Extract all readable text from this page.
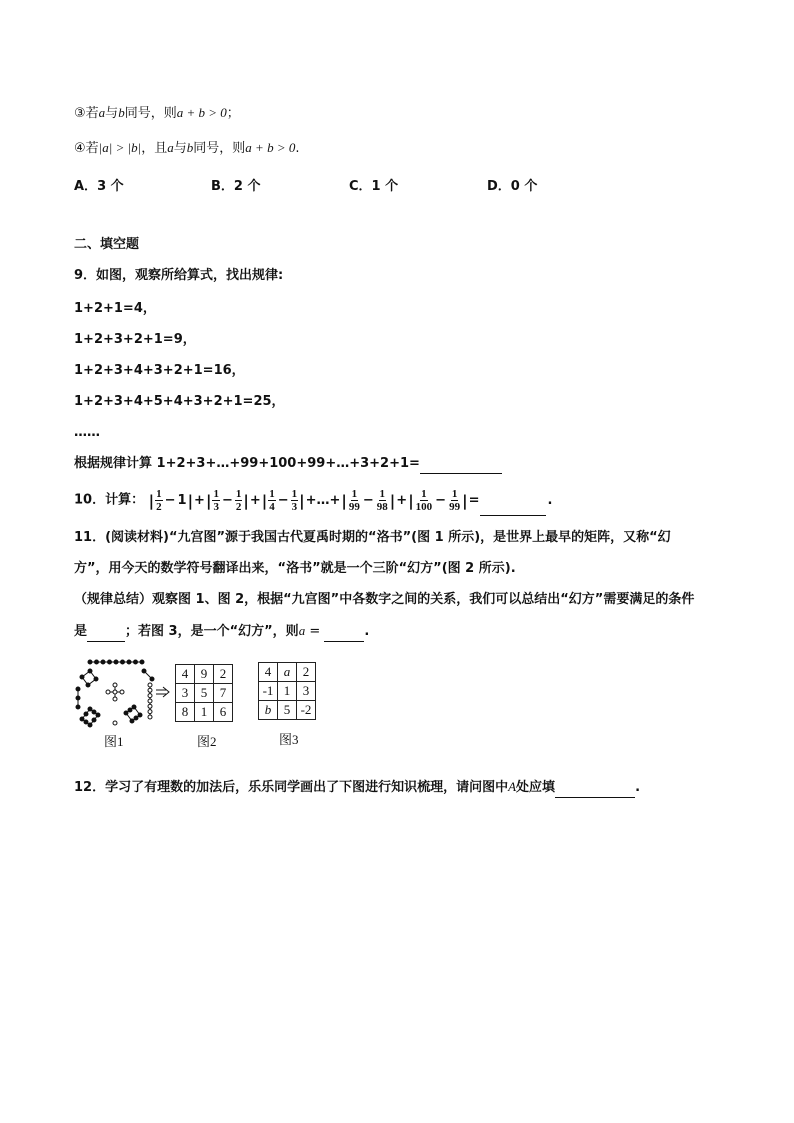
③若a与b同号，则a + b > 0；
④若|a| > |b|，且a与b同号，则a + b > 0.
A．3 个	B．2 个	C．1 个	D．0 个
二、填空题
9．如图，观察所给算式，找出规律:
1+2+1=4，
1+2+3+2+1=9，
1+2+3+4+3+2+1=16，
1+2+3+4+5+4+3+2+1=25，
……
根据规律计算 1+2+3+…+99+100+99+…+3+2+1=
10．计算： | $\frac{1}{2} - 1|+| \frac{1}{3} - \frac{1}{2}$ |+| $\frac{1}{4} - \frac{1}{3}$ |+…+| $\frac{1}{99} - \frac{1}{98}$ |+| $\frac{1}{100} - \frac{1}{99}$ |=	.
11．(阅读材料)“九宫图”源于我国古代夏禹时期的“洛书”(图 1 所示)，是世界上最早的矩阵，又称“幻
方”，用今天的数学符号翻译出来，“洛书”就是一个三阶“幻方”(图 2 所示).
（规律总结）观察图 1、图 2，根据“九宫图”中各数字之间的关系，我们可以总结出“幻方”需要满足的条件
是	；若图 3，是一个“幻方”，则a =	.
图1
4	9	2
3	5	7
8	1	6
图2
4	a	2
-1	1	3
b	5	-2
图3
12．学习了有理数的加法后，乐乐同学画出了下图进行知识梳理，请问图中A处应填	.
